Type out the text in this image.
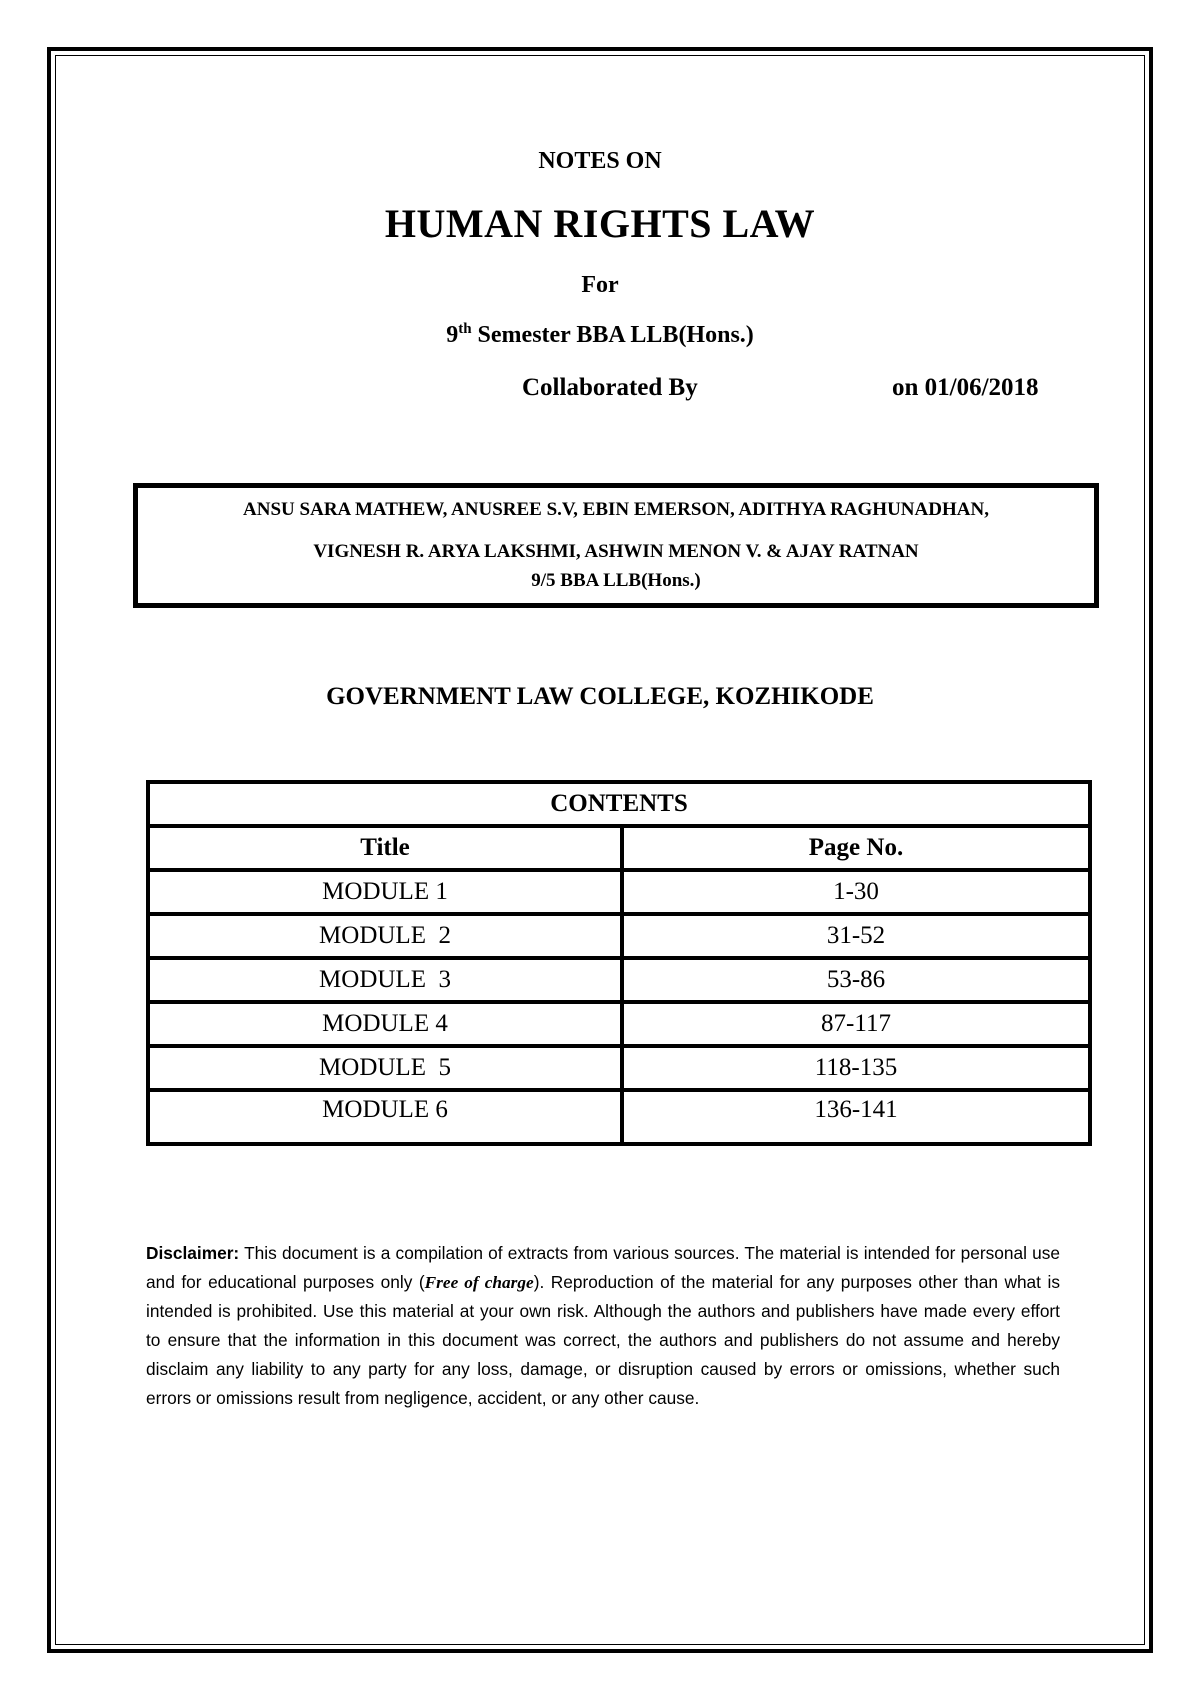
NOTES ON
HUMAN RIGHTS LAW
For
9th Semester BBA LLB(Hons.)
Collaborated By	on 01/06/2018
ANSU SARA MATHEW, ANUSREE S.V, EBIN EMERSON, ADITHYA RAGHUNADHAN,
VIGNESH R. ARYA LAKSHMI, ASHWIN MENON V. & AJAY RATNAN
9/5 BBA LLB(Hons.)
GOVERNMENT LAW COLLEGE, KOZHIKODE
CONTENTS	
Title	Page No.
MODULE 1	1-30
MODULE  2	31-52
MODULE  3	53-86
MODULE 4	87-117
MODULE  5	118-135
MODULE 6	136-141
Disclaimer: This document is a compilation of extracts from various sources. The material is intended for personal use and for educational purposes only (Free of charge). Reproduction of the material for any purposes other than what is intended is prohibited. Use this material at your own risk. Although the authors and publishers have made every effort to ensure that the information in this document was correct, the authors and publishers do not assume and hereby disclaim any liability to any party for any loss, damage, or disruption caused by errors or omissions, whether such errors or omissions result from negligence, accident, or any other cause.
